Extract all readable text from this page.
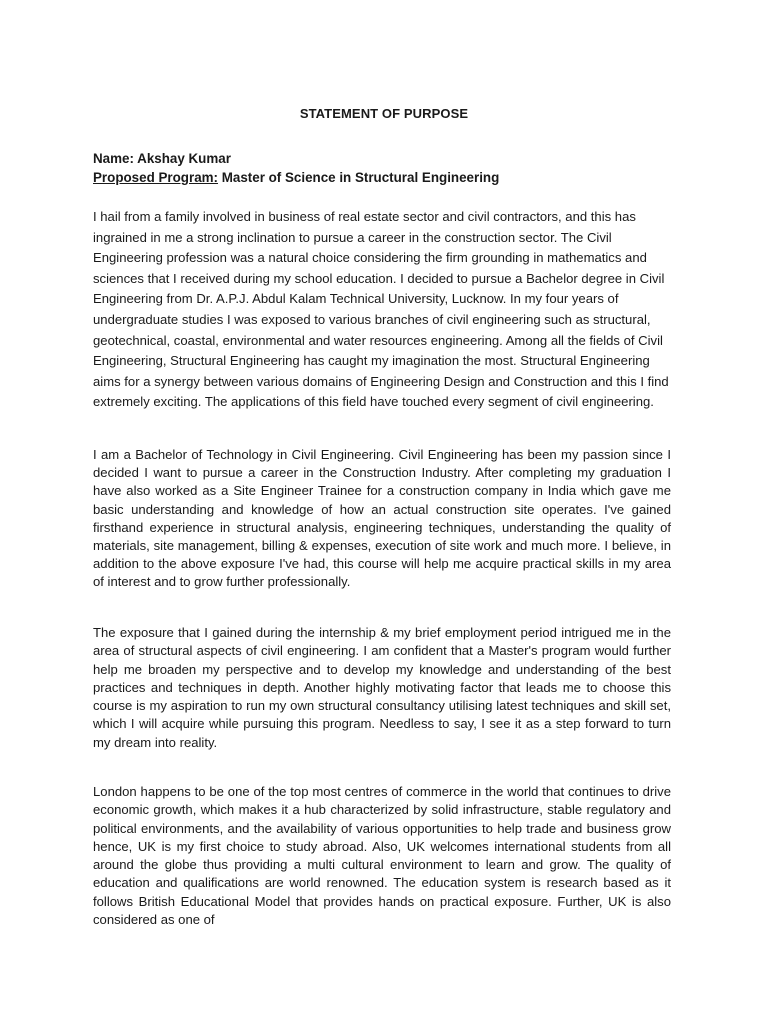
STATEMENT OF PURPOSE
Name: Akshay Kumar
Proposed Program: Master of Science in Structural Engineering

I hail from a family involved in business of real estate sector and civil contractors, and this has ingrained in me a strong inclination to pursue a career in the construction sector. The Civil Engineering profession was a natural choice considering the firm grounding in mathematics and sciences that I received during my school education. I decided to pursue a Bachelor degree in Civil Engineering from Dr. A.P.J. Abdul Kalam Technical University, Lucknow. In my four years of undergraduate studies I was exposed to various branches of civil engineering such as structural, geotechnical, coastal, environmental and water resources engineering. Among all the fields of Civil Engineering, Structural Engineering has caught my imagination the most. Structural Engineering aims for a synergy between various domains of Engineering Design and Construction and this I find extremely exciting. The applications of this field have touched every segment of civil engineering.

I am a Bachelor of Technology in Civil Engineering. Civil Engineering has been my passion since I decided I want to pursue a career in the Construction Industry. After completing my graduation I have also worked as a Site Engineer Trainee for a construction company in India which gave me basic understanding and knowledge of how an actual construction site operates. I've gained firsthand experience in structural analysis, engineering techniques, understanding the quality of materials, site management, billing & expenses, execution of site work and much more. I believe, in addition to the above exposure I've had, this course will help me acquire practical skills in my area of interest and to grow further professionally.

The exposure that I gained during the internship & my brief employment period intrigued me in the area of structural aspects of civil engineering. I am confident that a Master's program would further help me broaden my perspective and to develop my knowledge and understanding of the best practices and techniques in depth. Another highly motivating factor that leads me to choose this course is my aspiration to run my own structural consultancy utilising latest techniques and skill set, which I will acquire while pursuing this program. Needless to say, I see it as a step forward to turn my dream into reality.

London happens to be one of the top most centres of commerce in the world that continues to drive economic growth, which makes it a hub characterized by solid infrastructure, stable regulatory and political environments, and the availability of various opportunities to help trade and business grow hence, UK is my first choice to study abroad. Also, UK welcomes international students from all around the globe thus providing a multi cultural environment to learn and grow. The quality of education and qualifications are world renowned. The education system is research based as it follows British Educational Model that provides hands on practical exposure. Further, UK is also considered as one of
